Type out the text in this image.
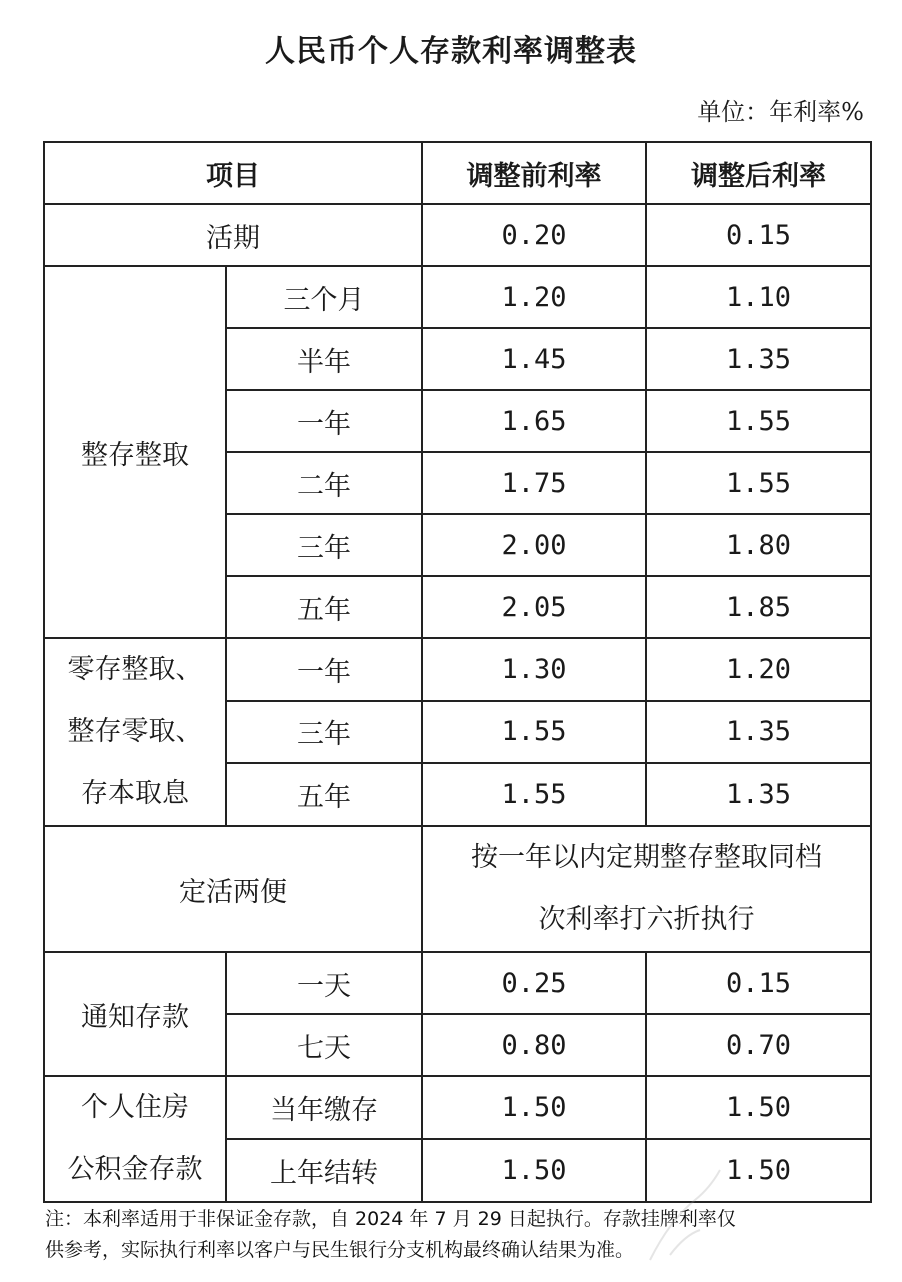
人民币个人存款利率调整表
单位：年利率%
项目		调整前利率	调整后利率
活期		0.20	0.15
整存整取	三个月	1.20	1.10
	半年	1.45	1.35
	一年	1.65	1.55
	二年	1.75	1.55
	三年	2.00	1.80
	五年	2.05	1.85

零存整取、
整存零取、
存本取息	一年	1.30	1.20
	三年	1.55	1.35
	五年	1.55	1.35
定活两便		按一年以内定期整存整取同档
次利率打六折执行	

通知存款	一天	0.25	0.15
	七天	0.80	0.70

个人住房
公积金存款	当年缴存	1.50	1.50
	上年结转	1.50	1.50
注：本利率适用于非保证金存款，自 2024 年 7 月 29 日起执行。存款挂牌利率仅
供参考，实际执行利率以客户与民生银行分支机构最终确认结果为准。
